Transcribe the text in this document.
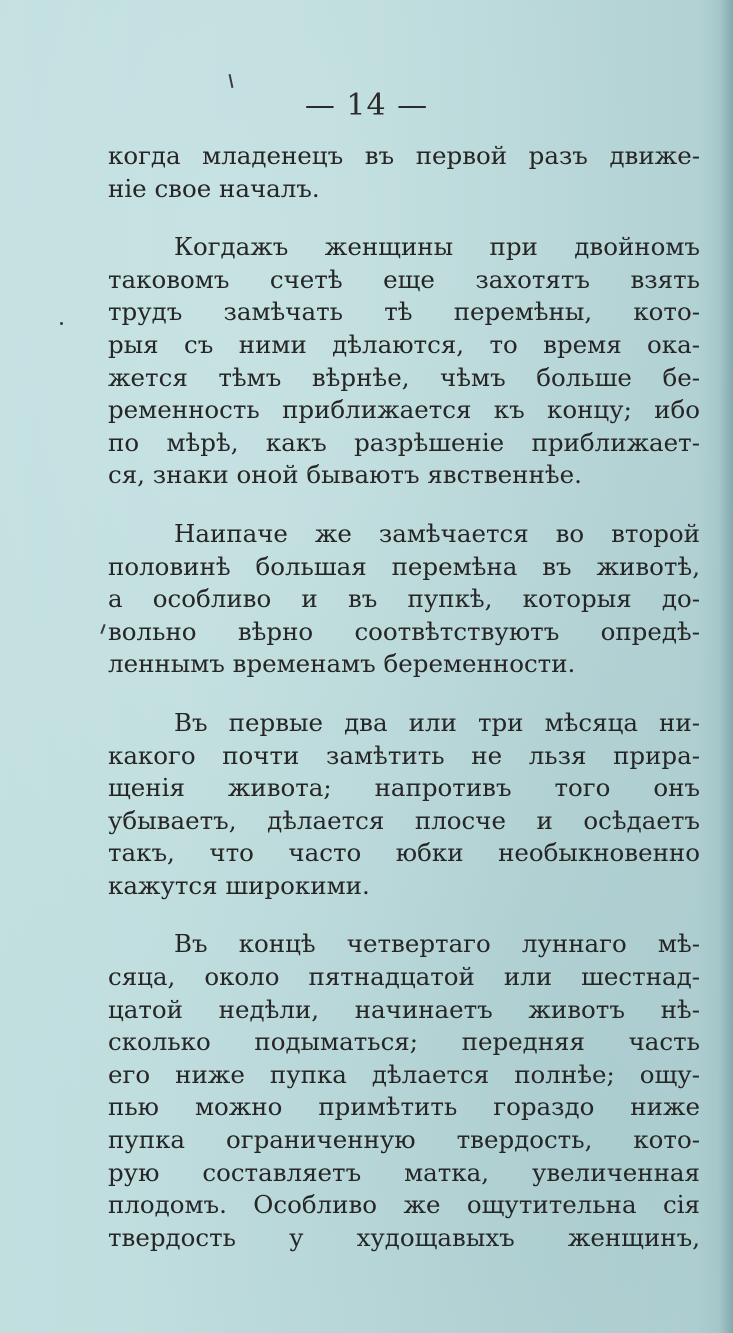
— 14 —
когда младенецъ въ первой разъ движе-
нiе свое началъ.
Когдажъ женщины при двойномъ
таковомъ счетѣ еще захотятъ взять
трудъ замѣчать тѣ перемѣны, кото-
рыя съ ними дѣлаются, то время ока-
жется тѣмъ вѣрнѣе, чѣмъ больше бе-
ременность приближается къ концу; ибо
по мѣрѣ, какъ разрѣшенiе приближает-
ся, знаки оной бываютъ явственнѣе.
Наипаче же замѣчается во второй
половинѣ большая перемѣна въ животѣ,
а особливо и въ пупкѣ, которыя до-
вольно вѣрно соотвѣтствуютъ опредѣ-
леннымъ временамъ беременности.
Въ первые два или три мѣсяца ни-
какого почти замѣтить не льзя прира-
щенiя живота; напротивъ того онъ
убываетъ, дѣлается плосче и осѣдаетъ
такъ, что часто юбки необыкновенно
кажутся широкими.
Въ концѣ четвертаго луннаго мѣ-
сяца, около пятнадцатой или шестнад-
цатой недѣли, начинаетъ животъ нѣ-
сколько подыматься; передняя часть
его ниже пупка дѣлается полнѣе; ощу-
пью можно примѣтить гораздо ниже
пупка ограниченную твердость, кото-
рую составляетъ матка, увеличенная
плодомъ. Особливо же ощутительна сiя
твердость у худощавыхъ женщинъ,
